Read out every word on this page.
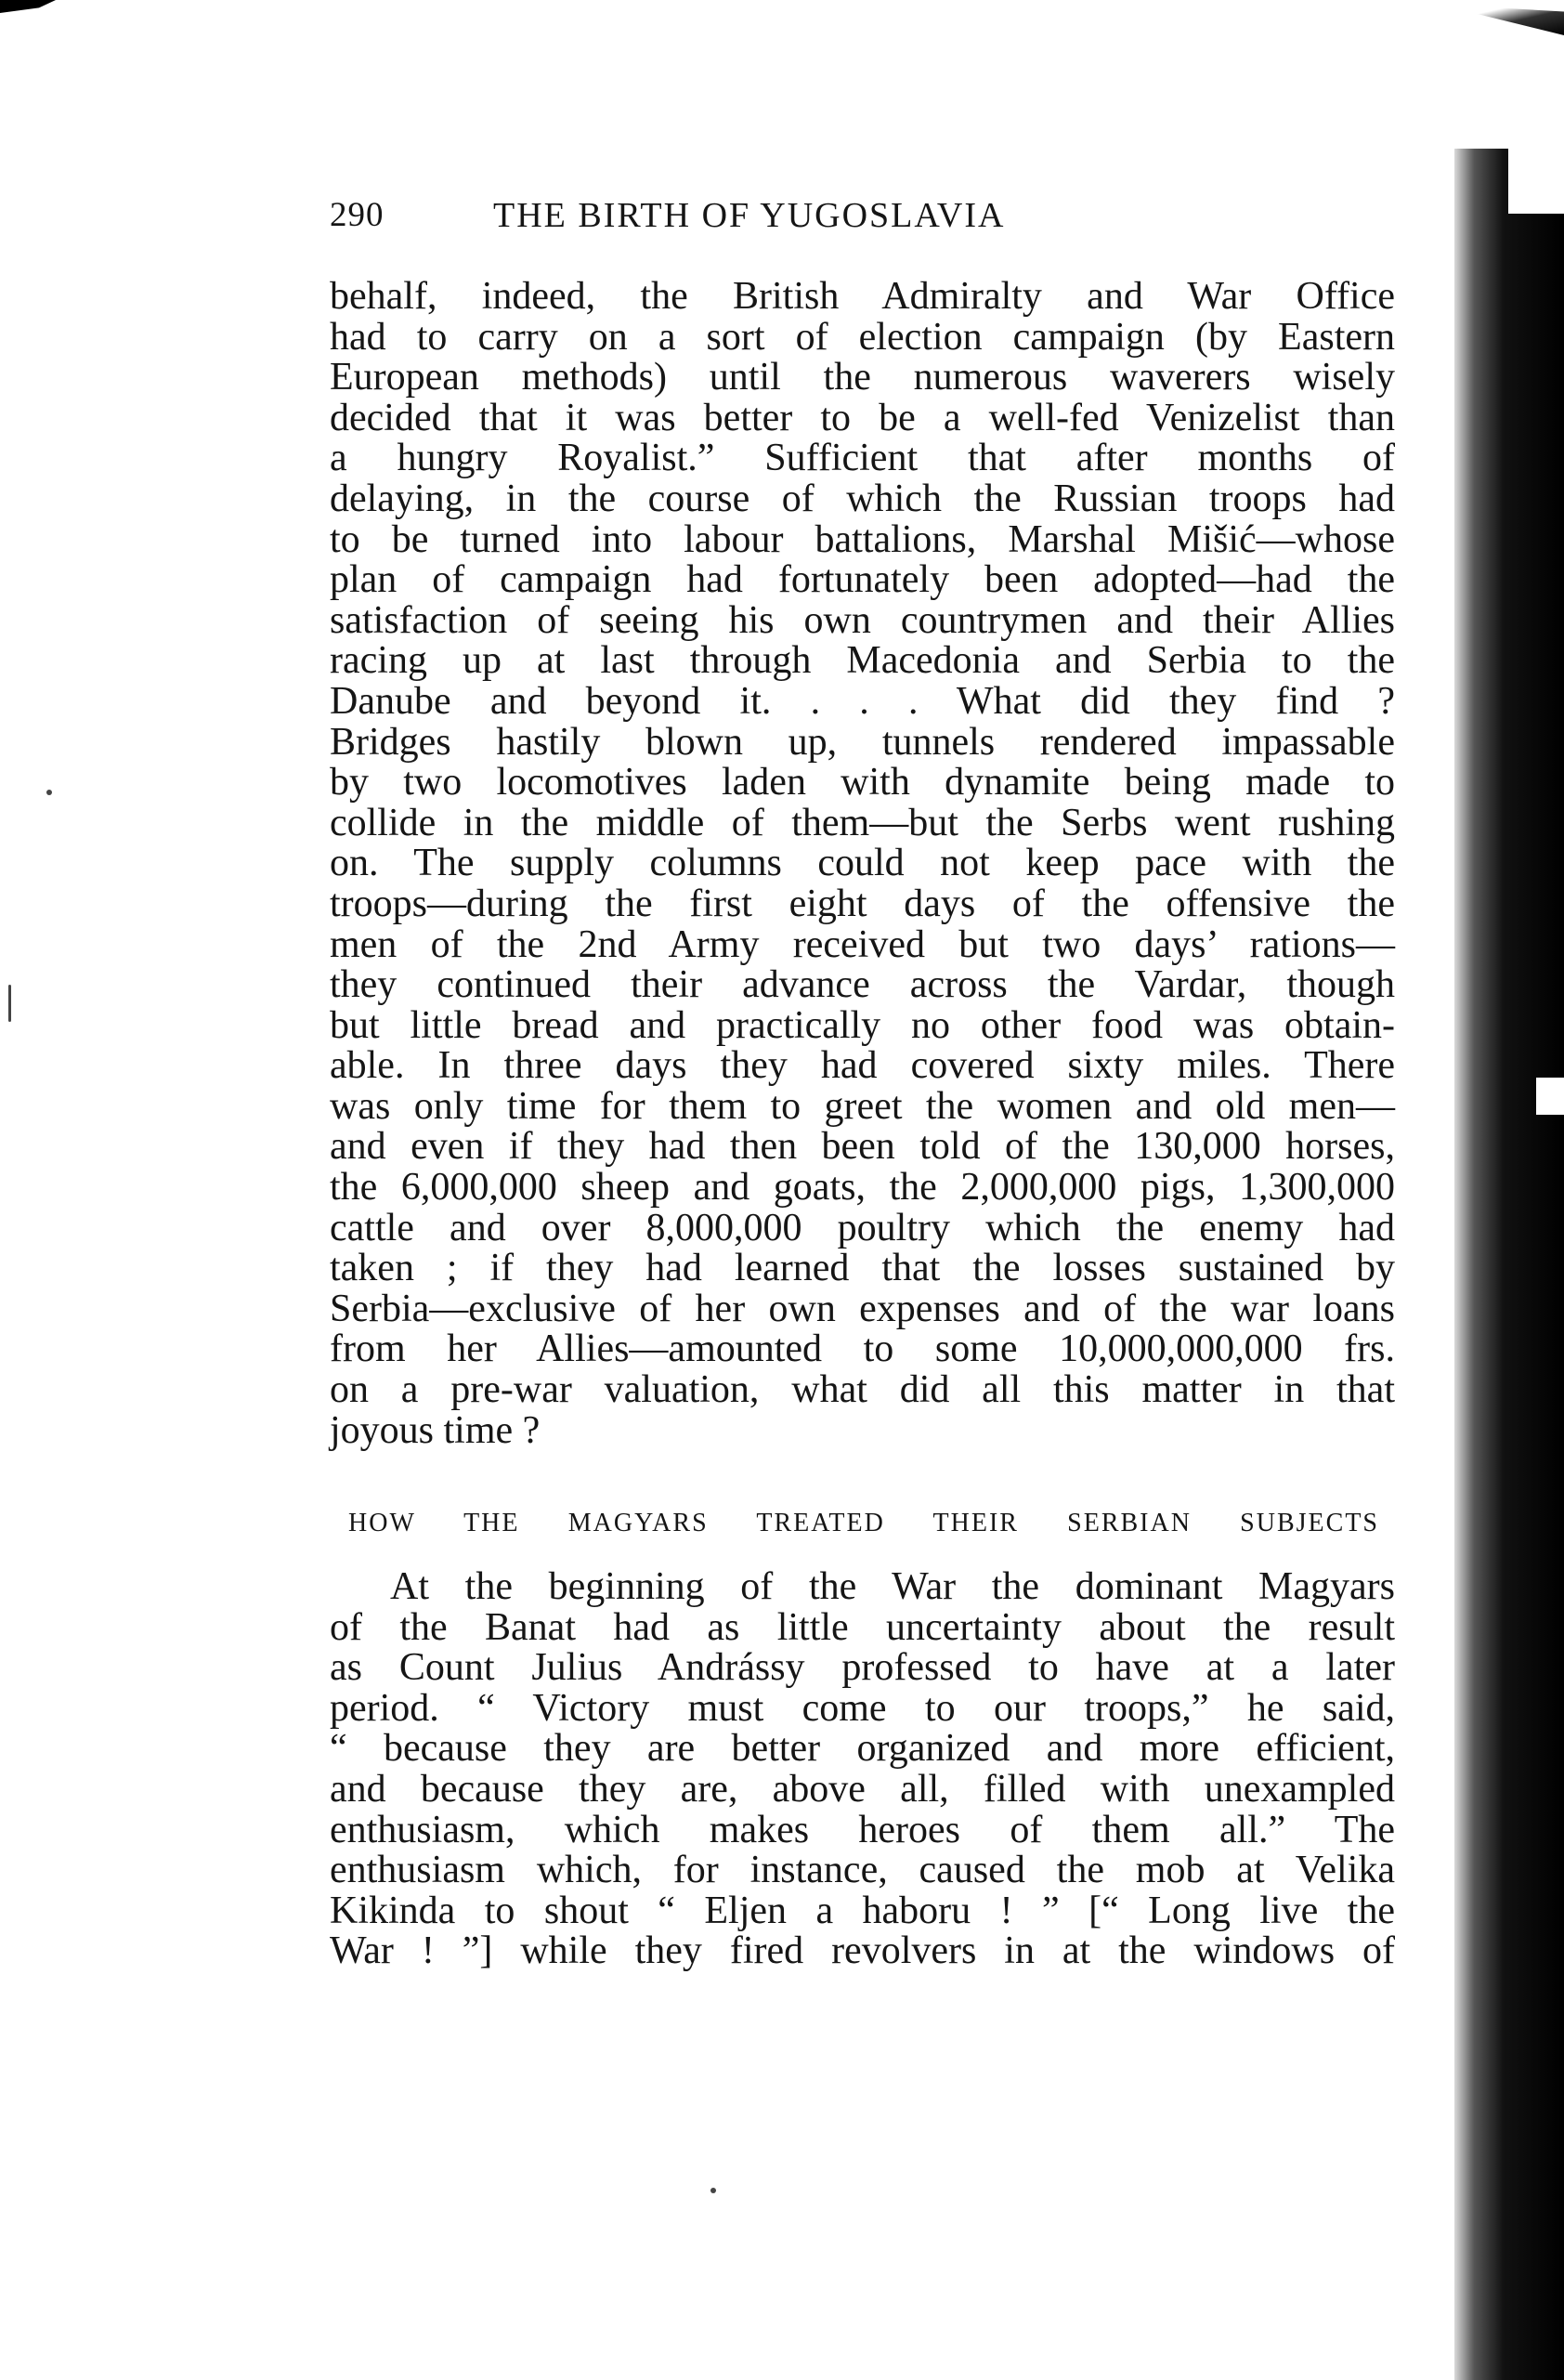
290	THE BIRTH OF YUGOSLAVIA
behalf, indeed, the British Admiralty and War Office
had to carry on a sort of election campaign (by Eastern
European methods) until the numerous waverers wisely
decided that it was better to be a well-fed Venizelist than
a hungry Royalist.” Sufficient that after months of
delaying, in the course of which the Russian troops had
to be turned into labour battalions, Marshal Mišić—whose
plan of campaign had fortunately been adopted—had the
satisfaction of seeing his own countrymen and their Allies
racing up at last through Macedonia and Serbia to the
Danube and beyond it. . . . What did they find ?
Bridges hastily blown up, tunnels rendered impassable
by two locomotives laden with dynamite being made to
collide in the middle of them—but the Serbs went rushing
on. The supply columns could not keep pace with the
troops—during the first eight days of the offensive the
men of the 2nd Army received but two days’ rations—
they continued their advance across the Vardar, though
but little bread and practically no other food was obtain-
able. In three days they had covered sixty miles. There
was only time for them to greet the women and old men—
and even if they had then been told of the 130,000 horses,
the 6,000,000 sheep and goats, the 2,000,000 pigs, 1,300,000
cattle and over 8,000,000 poultry which the enemy had
taken ; if they had learned that the losses sustained by
Serbia—exclusive of her own expenses and of the war loans
from her Allies—amounted to some 10,000,000,000 frs.
on a pre-war valuation, what did all this matter in that
joyous time ?
HOW THE MAGYARS TREATED THEIR SERBIAN SUBJECTS
At the beginning of the War the dominant Magyars
of the Banat had as little uncertainty about the result
as Count Julius Andrássy professed to have at a later
period. “ Victory must come to our troops,” he said,
“ because they are better organized and more efficient,
and because they are, above all, filled with unexampled
enthusiasm, which makes heroes of them all.” The
enthusiasm which, for instance, caused the mob at Velika
Kikinda to shout “ Eljen a haboru ! ” [“ Long live the
War ! ”] while they fired revolvers in at the windows of
